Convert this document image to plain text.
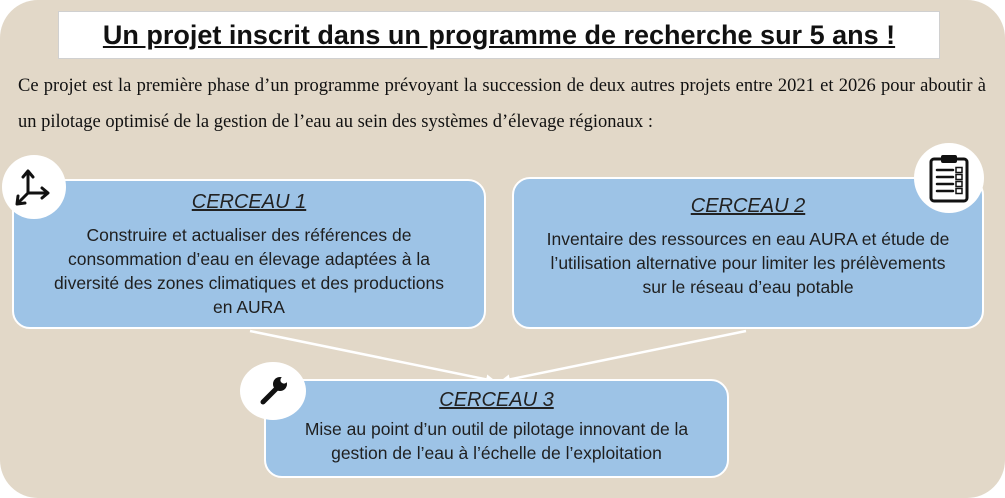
Un projet inscrit dans un programme de recherche sur 5 ans !
Ce projet est la première phase d’un programme prévoyant la succession de deux autres projets entre 2021 et 2026 pour aboutir à un pilotage optimisé de la gestion de l’eau au sein des systèmes d’élevage régionaux :
CERCEAU 1
Construire et actualiser des références de consommation d’eau en élevage adaptées à la diversité des zones climatiques et des productions en AURA
CERCEAU 2
Inventaire des ressources en eau AURA et étude de l’utilisation alternative pour limiter les prélèvements sur le réseau d’eau potable
CERCEAU 3
Mise au point d’un outil de pilotage innovant de la gestion de l’eau à l’échelle de l’exploitation
